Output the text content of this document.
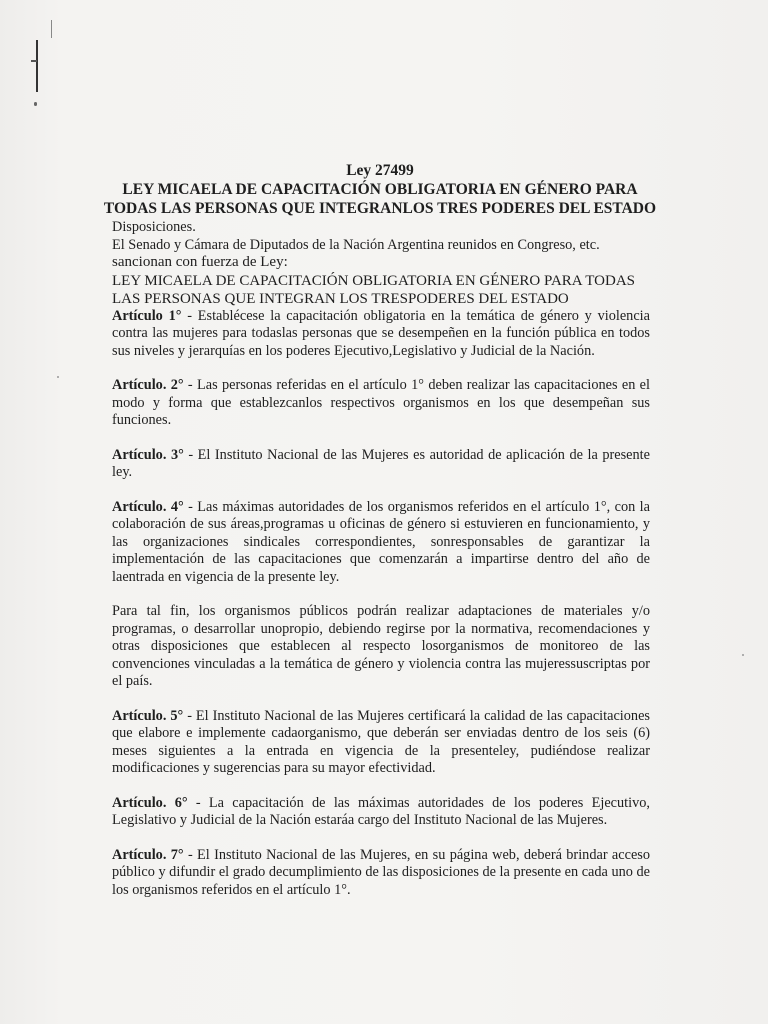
Ley 27499
LEY MICAELA DE CAPACITACIÓN OBLIGATORIA EN GÉNERO PARA
TODAS LAS PERSONAS QUE INTEGRANLOS TRES PODERES DEL ESTADO

Disposiciones.

El Senado y Cámara de Diputados de la Nación Argentina reunidos en Congreso, etc.

sancionan con fuerza de Ley:

LEY MICAELA DE CAPACITACIÓN OBLIGATORIA EN GÉNERO PARA TODAS
LAS PERSONAS QUE INTEGRAN LOS TRESPODERES DEL ESTADO

Artículo 1° - Establécese la capacitación obligatoria en la temática de género y violencia contra las mujeres para todaslas personas que se desempeñen en la función pública en todos sus niveles y jerarquías en los poderes Ejecutivo,Legislativo y Judicial de la Nación.

Artículo. 2° - Las personas referidas en el artículo 1° deben realizar las capacitaciones en el modo y forma que establezcanlos respectivos organismos en los que desempeñan sus funciones.

Artículo. 3° - El Instituto Nacional de las Mujeres es autoridad de aplicación de la presente ley.

Artículo. 4° - Las máximas autoridades de los organismos referidos en el artículo 1°, con la colaboración de sus áreas,programas u oficinas de género si estuvieren en funcionamiento, y las organizaciones sindicales correspondientes, sonresponsables de garantizar la implementación de las capacitaciones que comenzarán a impartirse dentro del año de laentrada en vigencia de la presente ley.

Para tal fin, los organismos públicos podrán realizar adaptaciones de materiales y/o programas, o desarrollar unopropio, debiendo regirse por la normativa, recomendaciones y otras disposiciones que establecen al respecto losorganismos de monitoreo de las convenciones vinculadas a la temática de género y violencia contra las mujeressuscriptas por el país.

Artículo. 5° - El Instituto Nacional de las Mujeres certificará la calidad de las capacitaciones que elabore e implemente cadaorganismo, que deberán ser enviadas dentro de los seis (6) meses siguientes a la entrada en vigencia de la presenteley, pudiéndose realizar modificaciones y sugerencias para su mayor efectividad.

Artículo. 6° - La capacitación de las máximas autoridades de los poderes Ejecutivo, Legislativo y Judicial de la Nación estaráa cargo del Instituto Nacional de las Mujeres.

Artículo. 7° - El Instituto Nacional de las Mujeres, en su página web, deberá brindar acceso público y difundir el grado decumplimiento de las disposiciones de la presente en cada uno de los organismos referidos en el artículo 1°.
